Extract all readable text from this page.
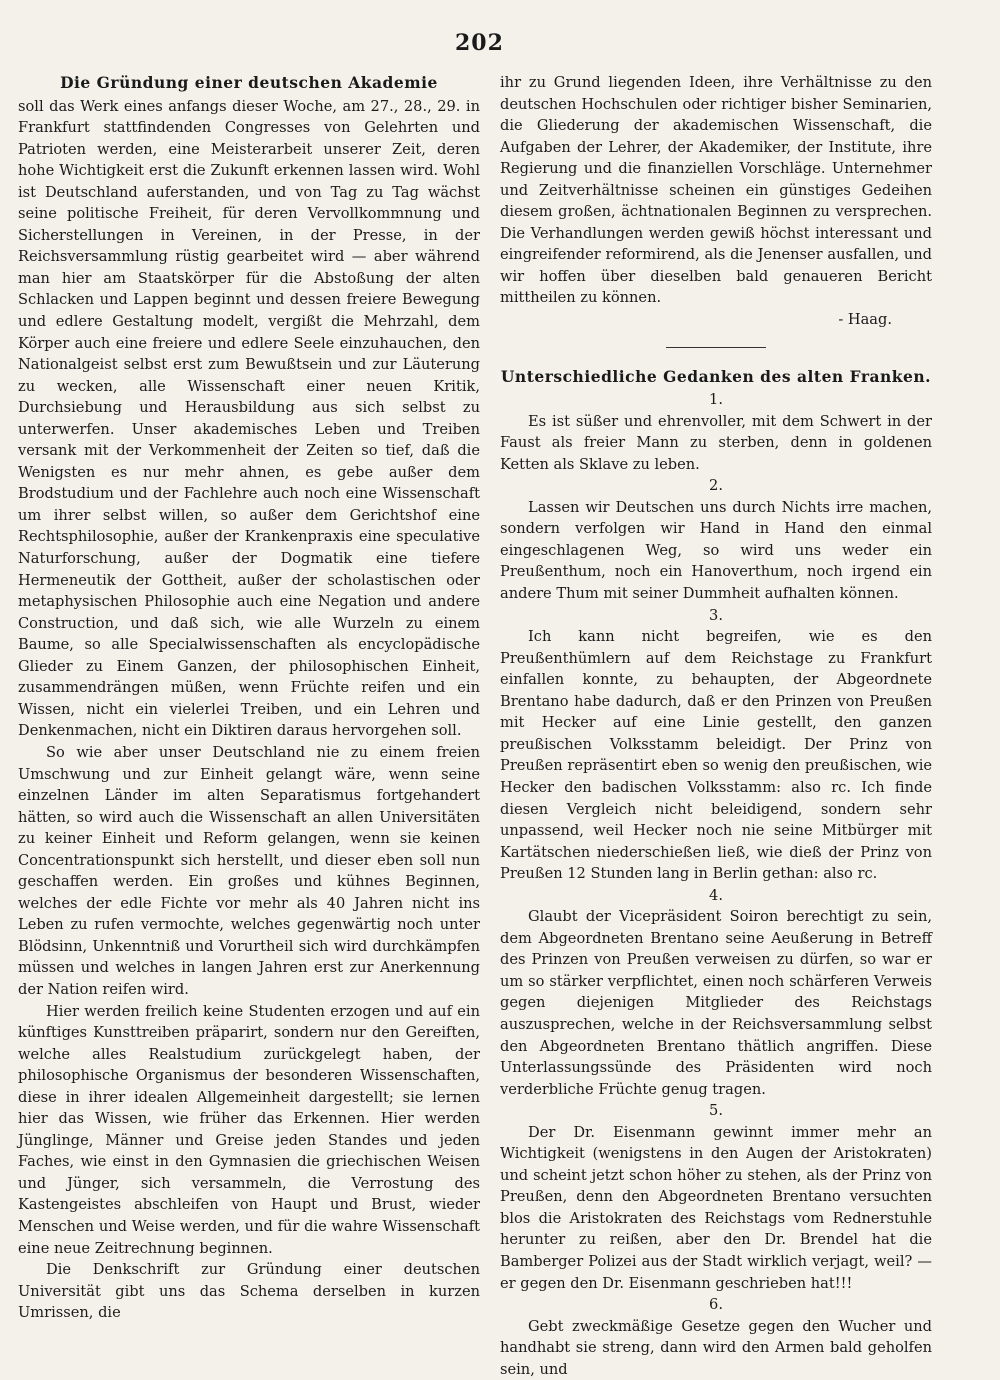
202
Die Gründung einer deutschen Akademie

soll das Werk eines anfangs dieser Woche, am 27., 28., 29. in Frankfurt stattfindenden Congresses von Gelehrten und Patrioten werden, eine Meisterarbeit unserer Zeit, deren hohe Wichtigkeit erst die Zukunft erkennen lassen wird. Wohl ist Deutschland auferstanden, und von Tag zu Tag wächst seine politische Freiheit, für deren Vervollkommnung und Sicherstellungen in Vereinen, in der Presse, in der Reichsversammlung rüstig gearbeitet wird — aber während man hier am Staatskörper für die Abstoßung der alten Schlacken und Lappen beginnt und dessen freiere Bewegung und edlere Gestaltung modelt, vergißt die Mehrzahl, dem Körper auch eine freiere und edlere Seele einzuhauchen, den Nationalgeist selbst erst zum Bewußtsein und zur Läuterung zu wecken, alle Wissenschaft einer neuen Kritik, Durchsiebung und Herausbildung aus sich selbst zu unterwerfen. Unser akademisches Leben und Treiben versank mit der Verkommenheit der Zeiten so tief, daß die Wenigsten es nur mehr ahnen, es gebe außer dem Brodstudium und der Fachlehre auch noch eine Wissenschaft um ihrer selbst willen, so außer dem Gerichtshof eine Rechtsphilosophie, außer der Krankenpraxis eine speculative Naturforschung, außer der Dogmatik eine tiefere Hermeneutik der Gottheit, außer der scholastischen oder metaphysischen Philosophie auch eine Negation und andere Construction, und daß sich, wie alle Wurzeln zu einem Baume, so alle Specialwissenschaften als encyclopädische Glieder zu Einem Ganzen, der philosophischen Einheit, zusammendrängen müßen, wenn Früchte reifen und ein Wissen, nicht ein vielerlei Treiben, und ein Lehren und Denkenmachen, nicht ein Diktiren daraus hervorgehen soll.

So wie aber unser Deutschland nie zu einem freien Umschwung und zur Einheit gelangt wäre, wenn seine einzelnen Länder im alten Separatismus fortgehandert hätten, so wird auch die Wissenschaft an allen Universitäten zu keiner Einheit und Reform gelangen, wenn sie keinen Concentrationspunkt sich herstellt, und dieser eben soll nun geschaffen werden. Ein großes und kühnes Beginnen, welches der edle Fichte vor mehr als 40 Jahren nicht ins Leben zu rufen vermochte, welches gegenwärtig noch unter Blödsinn, Unkenntniß und Vorurtheil sich wird durchkämpfen müssen und welches in langen Jahren erst zur Anerkennung der Nation reifen wird.

Hier werden freilich keine Studenten erzogen und auf ein künftiges Kunsttreiben präparirt, sondern nur den Gereiften, welche alles Realstudium zurückgelegt haben, der philosophische Organismus der besonderen Wissenschaften, diese in ihrer idealen Allgemeinheit dargestellt; sie lernen hier das Wissen, wie früher das Erkennen. Hier werden Jünglinge, Männer und Greise jeden Standes und jeden Faches, wie einst in den Gymnasien die griechischen Weisen und Jünger, sich versammeln, die Verrostung des Kastengeistes abschleifen von Haupt und Brust, wieder Menschen und Weise werden, und für die wahre Wissenschaft eine neue Zeitrechnung beginnen.

Die Denkschrift zur Gründung einer deutschen Universität gibt uns das Schema derselben in kurzen Umrissen, die

ihr zu Grund liegenden Ideen, ihre Verhältnisse zu den deutschen Hochschulen oder richtiger bisher Seminarien, die Gliederung der akademischen Wissenschaft, die Aufgaben der Lehrer, der Akademiker, der Institute, ihre Regierung und die finanziellen Vorschläge. Unternehmer und Zeitverhältnisse scheinen ein günstiges Gedeihen diesem großen, ächtnationalen Beginnen zu versprechen. Die Verhandlungen werden gewiß höchst interessant und eingreifender reformirend, als die Jenenser ausfallen, und wir hoffen über dieselben bald genaueren Bericht mittheilen zu können.

- Haag.

Unterschiedliche Gedanken des alten Franken.

1.

Es ist süßer und ehrenvoller, mit dem Schwert in der Faust als freier Mann zu sterben, denn in goldenen Ketten als Sklave zu leben.

2.

Lassen wir Deutschen uns durch Nichts irre machen, sondern verfolgen wir Hand in Hand den einmal eingeschlagenen Weg, so wird uns weder ein Preußenthum, noch ein Hanoverthum, noch irgend ein andere Thum mit seiner Dummheit aufhalten können.

3.

Ich kann nicht begreifen, wie es den Preußenthümlern auf dem Reichstage zu Frankfurt einfallen konnte, zu behaupten, der Abgeordnete Brentano habe dadurch, daß er den Prinzen von Preußen mit Hecker auf eine Linie gestellt, den ganzen preußischen Volksstamm beleidigt. Der Prinz von Preußen repräsentirt eben so wenig den preußischen, wie Hecker den badischen Volksstamm: also rc. Ich finde diesen Vergleich nicht beleidigend, sondern sehr unpassend, weil Hecker noch nie seine Mitbürger mit Kartätschen niederschießen ließ, wie dieß der Prinz von Preußen 12 Stunden lang in Berlin gethan: also rc.

4.

Glaubt der Vicepräsident Soiron berechtigt zu sein, dem Abgeordneten Brentano seine Aeußerung in Betreff des Prinzen von Preußen verweisen zu dürfen, so war er um so stärker verpflichtet, einen noch schärferen Verweis gegen diejenigen Mitglieder des Reichstags auszusprechen, welche in der Reichsversammlung selbst den Abgeordneten Brentano thätlich angriffen. Diese Unterlassungssünde des Präsidenten wird noch verderbliche Früchte genug tragen.

5.

Der Dr. Eisenmann gewinnt immer mehr an Wichtigkeit (wenigstens in den Augen der Aristokraten) und scheint jetzt schon höher zu stehen, als der Prinz von Preußen, denn den Abgeordneten Brentano versuchten blos die Aristokraten des Reichstags vom Rednerstuhle herunter zu reißen, aber den Dr. Brendel hat die Bamberger Polizei aus der Stadt wirklich verjagt, weil? — er gegen den Dr. Eisenmann geschrieben hat!!!

6.

Gebt zweckmäßige Gesetze gegen den Wucher und handhabt sie streng, dann wird den Armen bald geholfen sein, und
